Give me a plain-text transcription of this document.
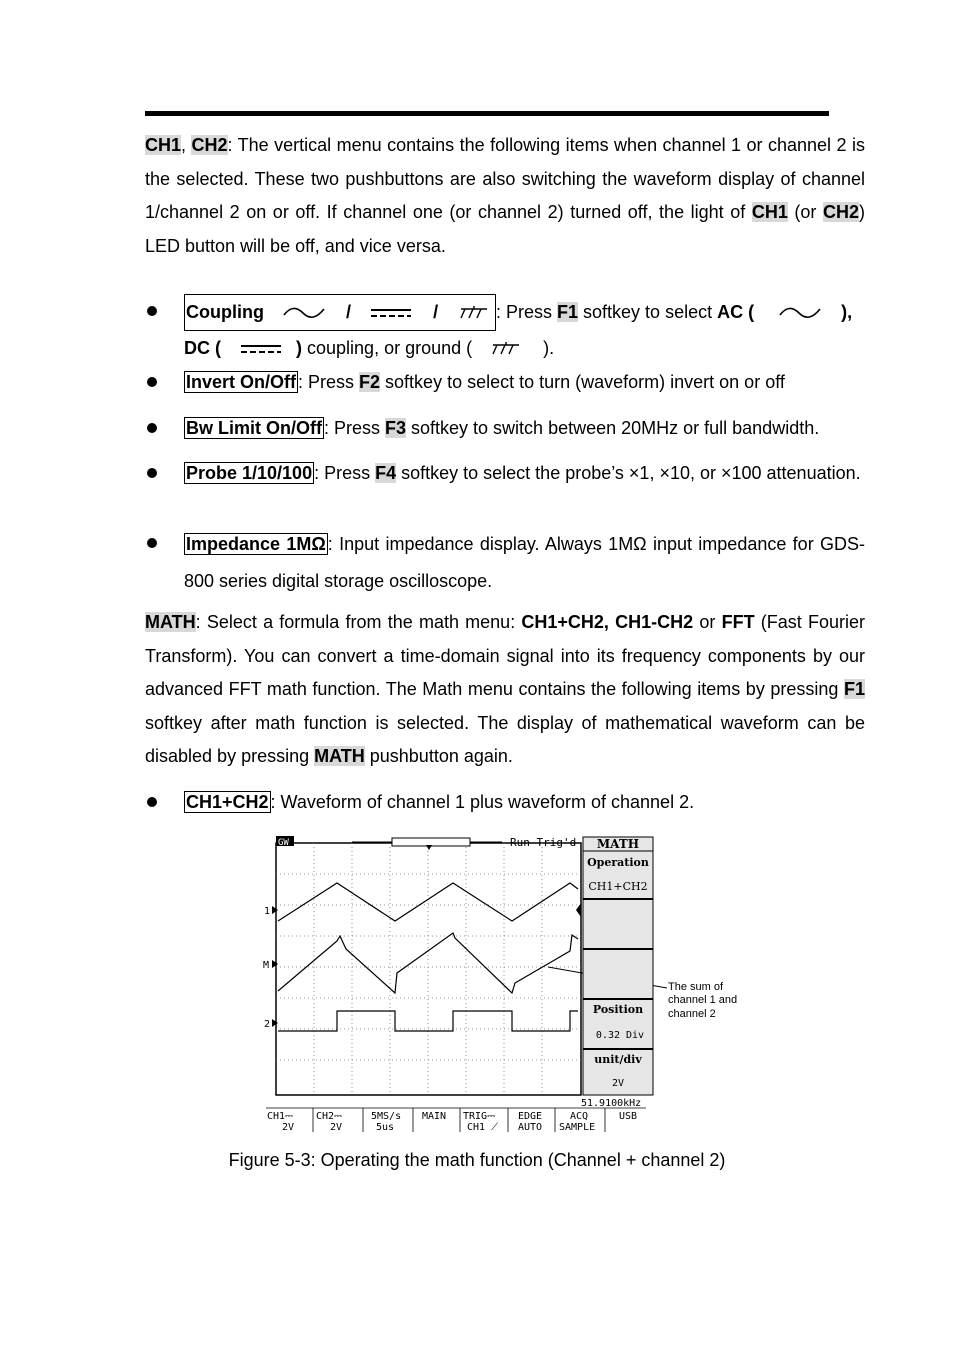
CH1, CH2: The vertical menu contains the following items when channel 1 or channel 2 is the selected. These two pushbuttons are also switching the waveform display of channel 1/channel 2 on or off. If channel one (or channel 2) turned off, the light of CH1 (or CH2) LED button will be off, and vice versa.

Coupling	/	/	: Press F1 softkey to select AC (	),
DC (	) coupling, or ground (	).

Invert On/Off : Press F2 softkey to select to turn (waveform) invert on or off

Bw Limit On/Off : Press F3 softkey to switch between 20MHz or full bandwidth.

Probe 1/10/100 : Press F4 softkey to select the probe’s ×1, ×10, or ×100 attenuation.

Impedance 1MΩ : Input impedance display. Always 1MΩ input impedance for GDS-800 series digital storage oscilloscope.

MATH: Select a formula from the math menu: CH1+CH2, CH1-CH2 or FFT (Fast Fourier Transform). You can convert a time-domain signal into its frequency components by our advanced FFT math function. The Math menu contains the following items by pressing F1 softkey after math function is selected. The display of mathematical waveform can be disabled by pressing MATH pushbutton again.

CH1+CH2 : Waveform of channel 1 plus waveform of channel 2.

GW	Run Trig'd
1
M
2
MATH
Operation
CH1+CH2
Position
0.32 Div
unit/div
2V
51.9100kHz
The sum of
channel 1 and
channel 2
CH1⎓
2V
CH2⎓
2V
5MS/s
5us
MAIN TRIG⎓
CH1 ⟋
EDGE
AUTO
ACQ
SAMPLE
USB
Figure 5-3: Operating the math function (Channel + channel 2)
